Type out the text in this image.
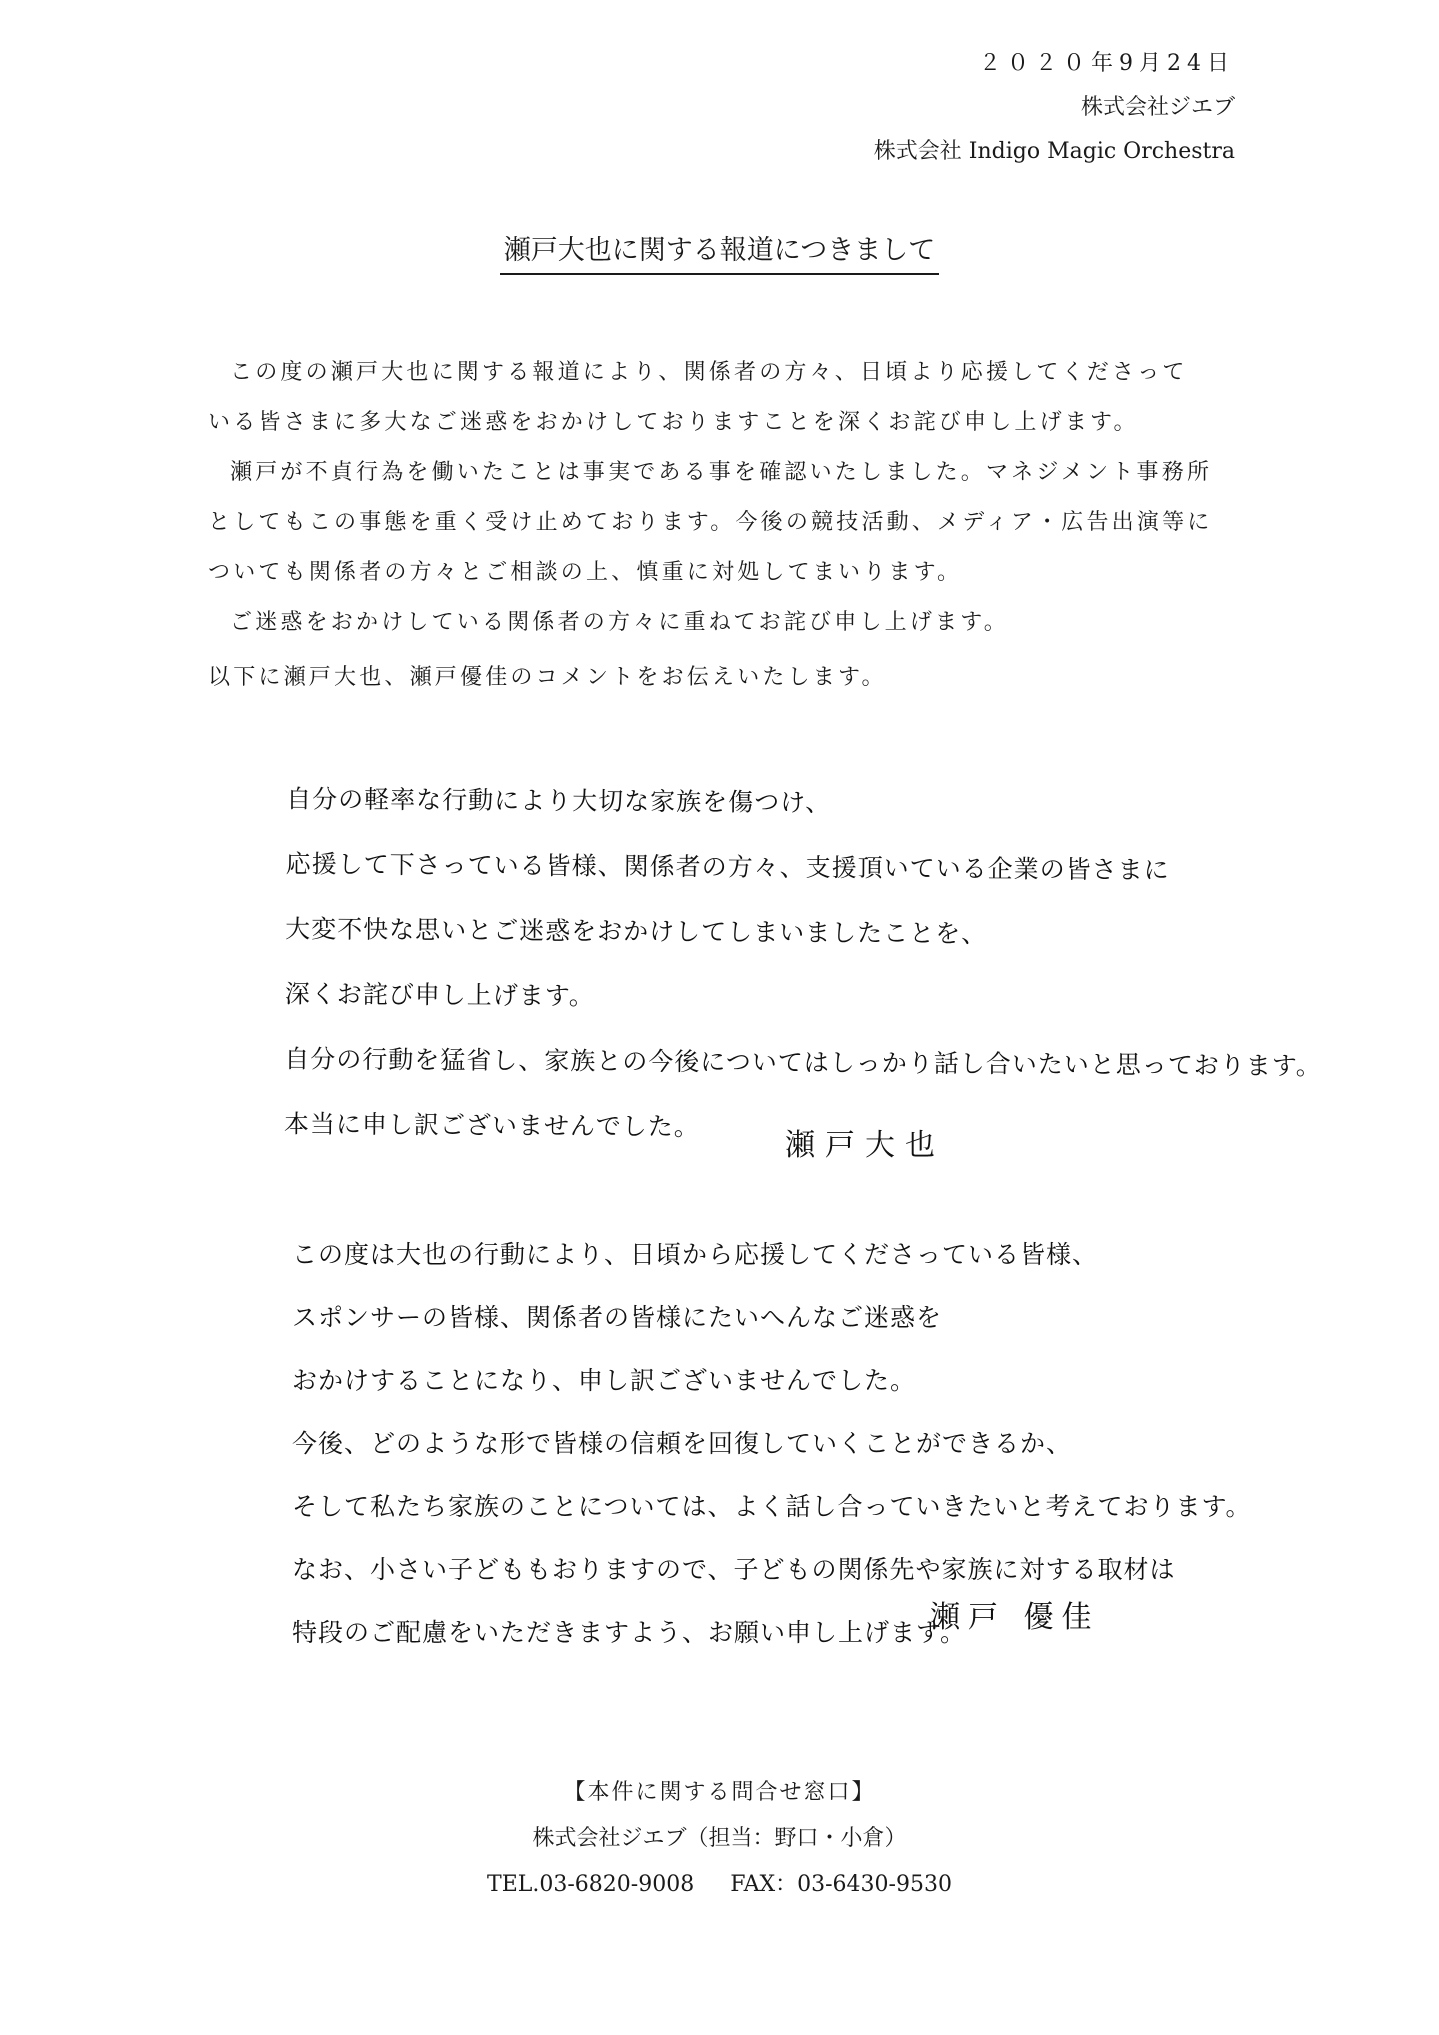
２０２０年9月24日
株式会社ジエブ
株式会社 Indigo Magic Orchestra
瀬戸大也に関する報道につきまして

この度の瀬戸大也に関する報道により、関係者の方々、日頃より応援してくださって

いる皆さまに多大なご迷惑をおかけしておりますことを深くお詫び申し上げます。

瀬戸が不貞行為を働いたことは事実である事を確認いたしました。マネジメント事務所

としてもこの事態を重く受け止めております。今後の競技活動、メディア・広告出演等に

ついても関係者の方々とご相談の上、慎重に対処してまいります。

ご迷惑をおかけしている関係者の方々に重ねてお詫び申し上げます。

以下に瀬戸大也、瀬戸優佳のコメントをお伝えいたします。
自分の軽率な行動により大切な家族を傷つけ、
応援して下さっている皆様、関係者の方々、支援頂いている企業の皆さまに
大変不快な思いとご迷惑をおかけしてしまいましたことを、
深くお詫び申し上げます。
自分の行動を猛省し、家族との今後についてはしっかり話し合いたいと思っております。
本当に申し訳ございませんでした。
瀬戸大也
この度は大也の行動により、日頃から応援してくださっている皆様、
スポンサーの皆様、関係者の皆様にたいへんなご迷惑を
おかけすることになり、申し訳ございませんでした。
今後、どのような形で皆様の信頼を回復していくことができるか、
そして私たち家族のことについては、よく話し合っていきたいと考えております。
なお、小さい子どももおりますので、子どもの関係先や家族に対する取材は
特段のご配慮をいただきますよう、お願い申し上げます。
瀬戸 優佳
【本件に関する問合せ窓口】
株式会社ジエブ（担当：野口・小倉）
TEL.03-6820-9008 FAX：03-6430-9530
